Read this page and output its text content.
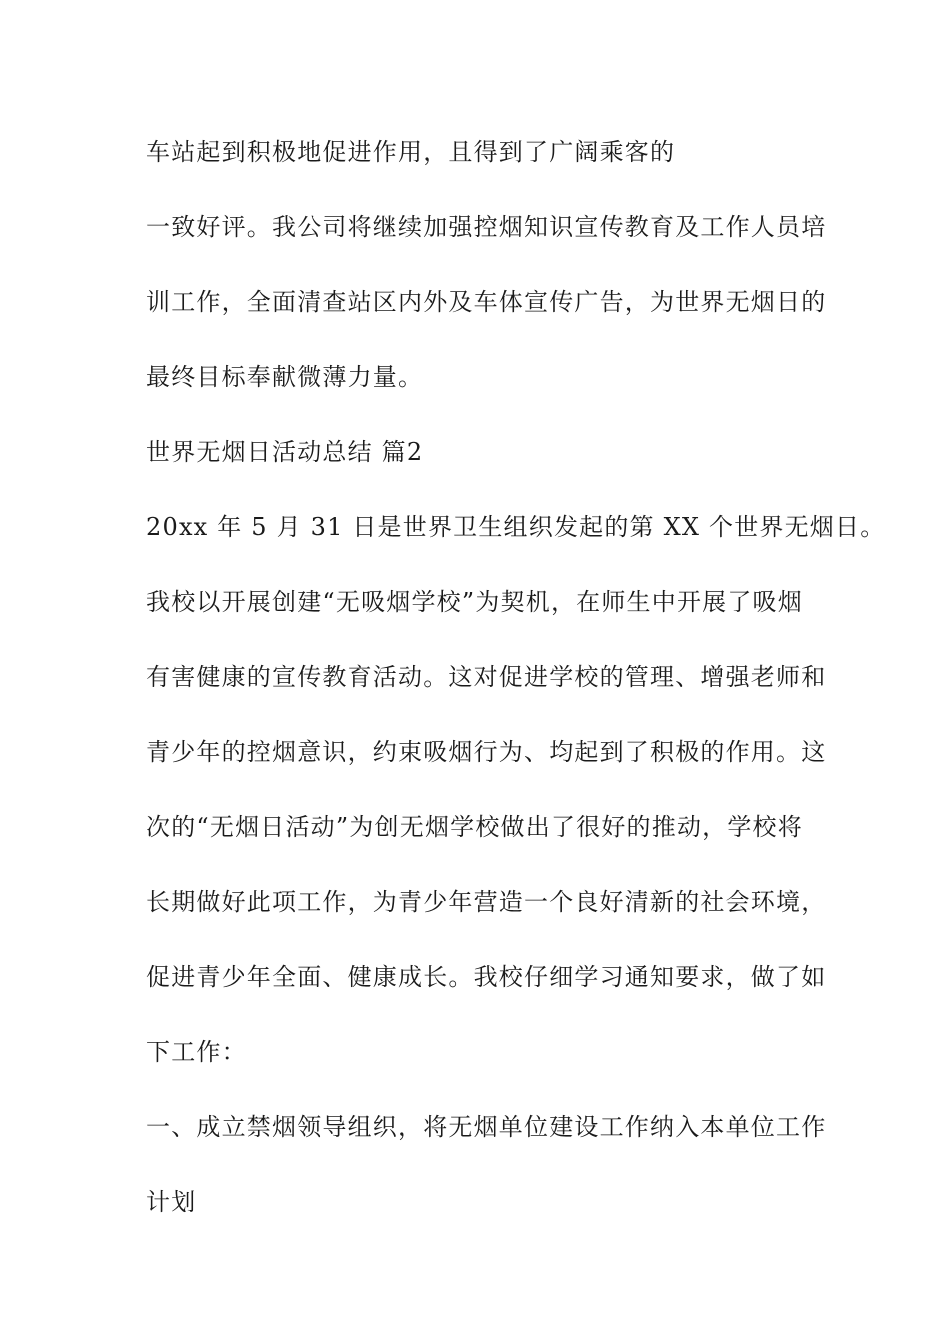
车站起到积极地促进作用，且得到了广阔乘客的
一致好评。我公司将继续加强控烟知识宣传教育及工作人员培
训工作，全面清查站区内外及车体宣传广告，为世界无烟日的
最终目标奉献微薄力量。
世界无烟日活动总结 篇2
20xx 年 5 月 31 日是世界卫生组织发起的第 XX 个世界无烟日。
我校以开展创建“无吸烟学校”为契机，在师生中开展了吸烟
有害健康的宣传教育活动。这对促进学校的管理、增强老师和
青少年的控烟意识，约束吸烟行为、均起到了积极的作用。这
次的“无烟日活动”为创无烟学校做出了很好的推动，学校将
长期做好此项工作，为青少年营造一个良好清新的社会环境，
促进青少年全面、健康成长。我校仔细学习通知要求，做了如
下工作：
一、成立禁烟领导组织，将无烟单位建设工作纳入本单位工作
计划
